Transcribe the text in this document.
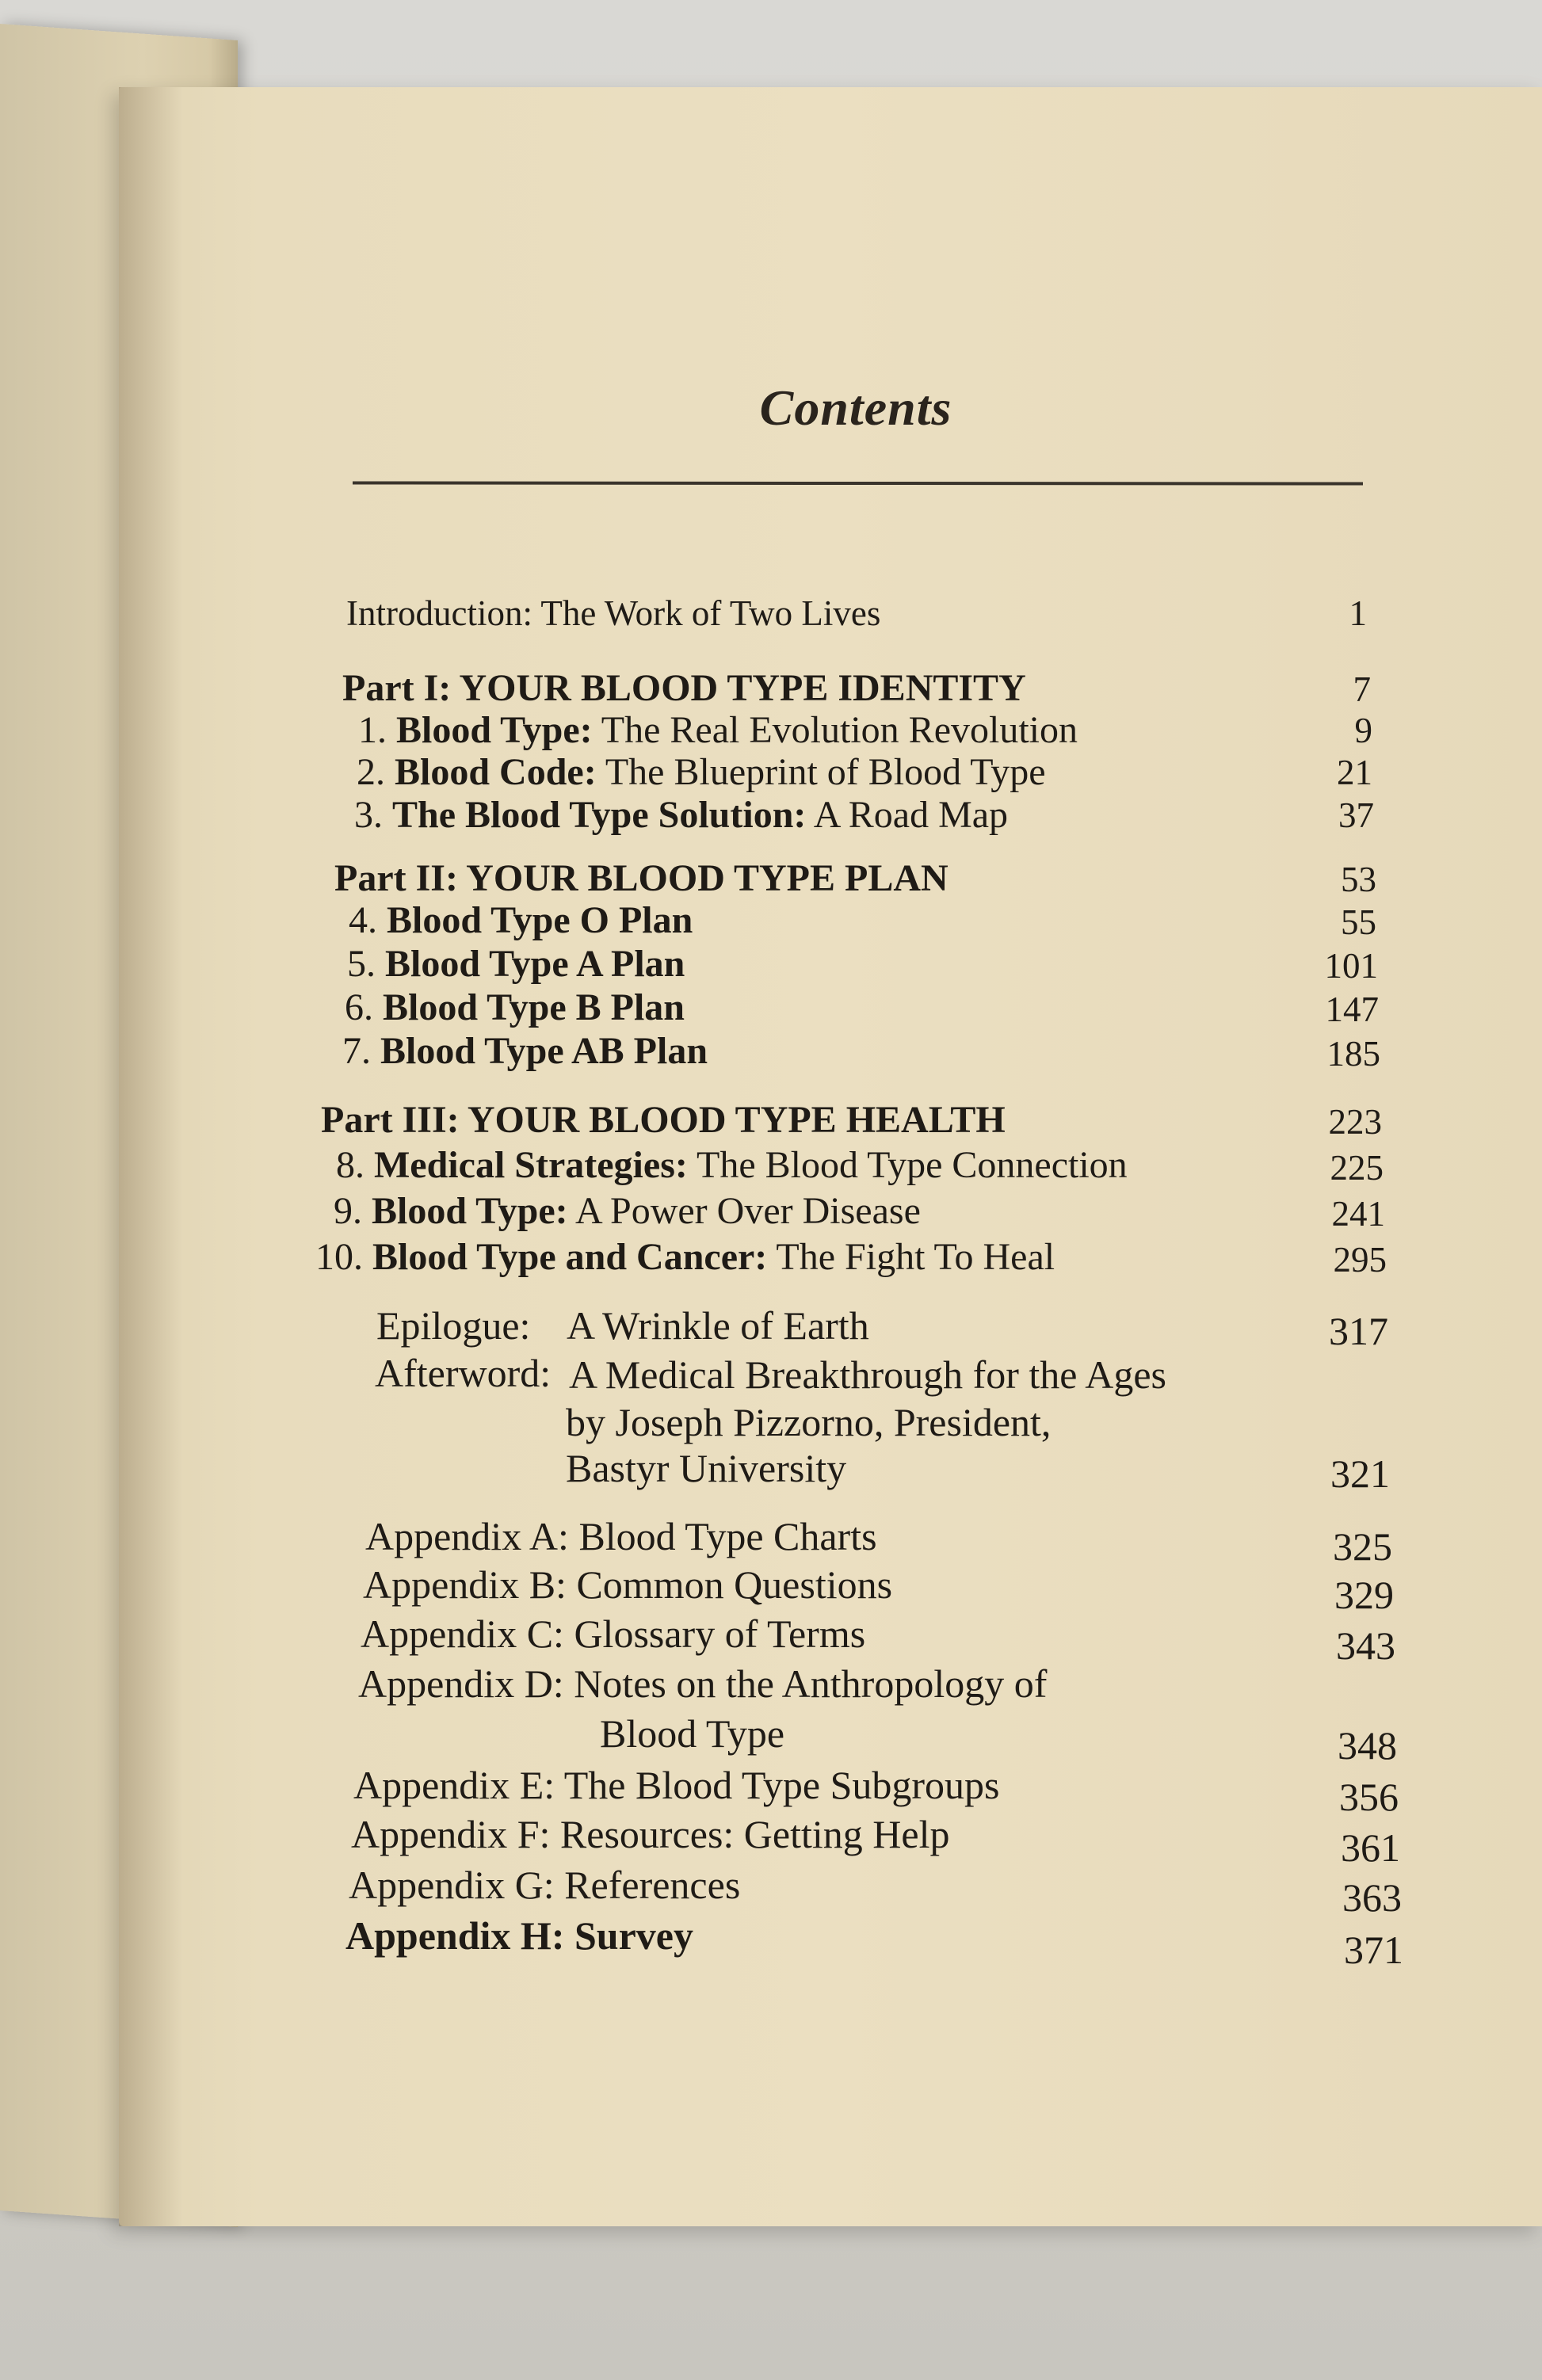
Contents
Introduction: The Work of Two Lives	1
Part I: YOUR BLOOD TYPE IDENTITY	7
1. Blood Type: The Real Evolution Revolution	9
2. Blood Code: The Blueprint of Blood Type	21
3. The Blood Type Solution: A Road Map	37
Part II: YOUR BLOOD TYPE PLAN	53
4. Blood Type O Plan	55
5. Blood Type A Plan	101
6. Blood Type B Plan	147
7. Blood Type AB Plan	185
Part III: YOUR BLOOD TYPE HEALTH	223
8. Medical Strategies: The Blood Type Connection	225
9. Blood Type: A Power Over Disease	241
10. Blood Type and Cancer: The Fight To Heal	295
Epilogue: A Wrinkle of Earth	317
Afterword: A Medical Breakthrough for the Ages
by Joseph Pizzorno, President,
Bastyr University	321
Appendix A: Blood Type Charts	325
Appendix B: Common Questions	329
Appendix C: Glossary of Terms	343
Appendix D: Notes on the Anthropology of
Blood Type	348
Appendix E: The Blood Type Subgroups	356
Appendix F: Resources: Getting Help	361
Appendix G: References	363
Appendix H: Survey	371
